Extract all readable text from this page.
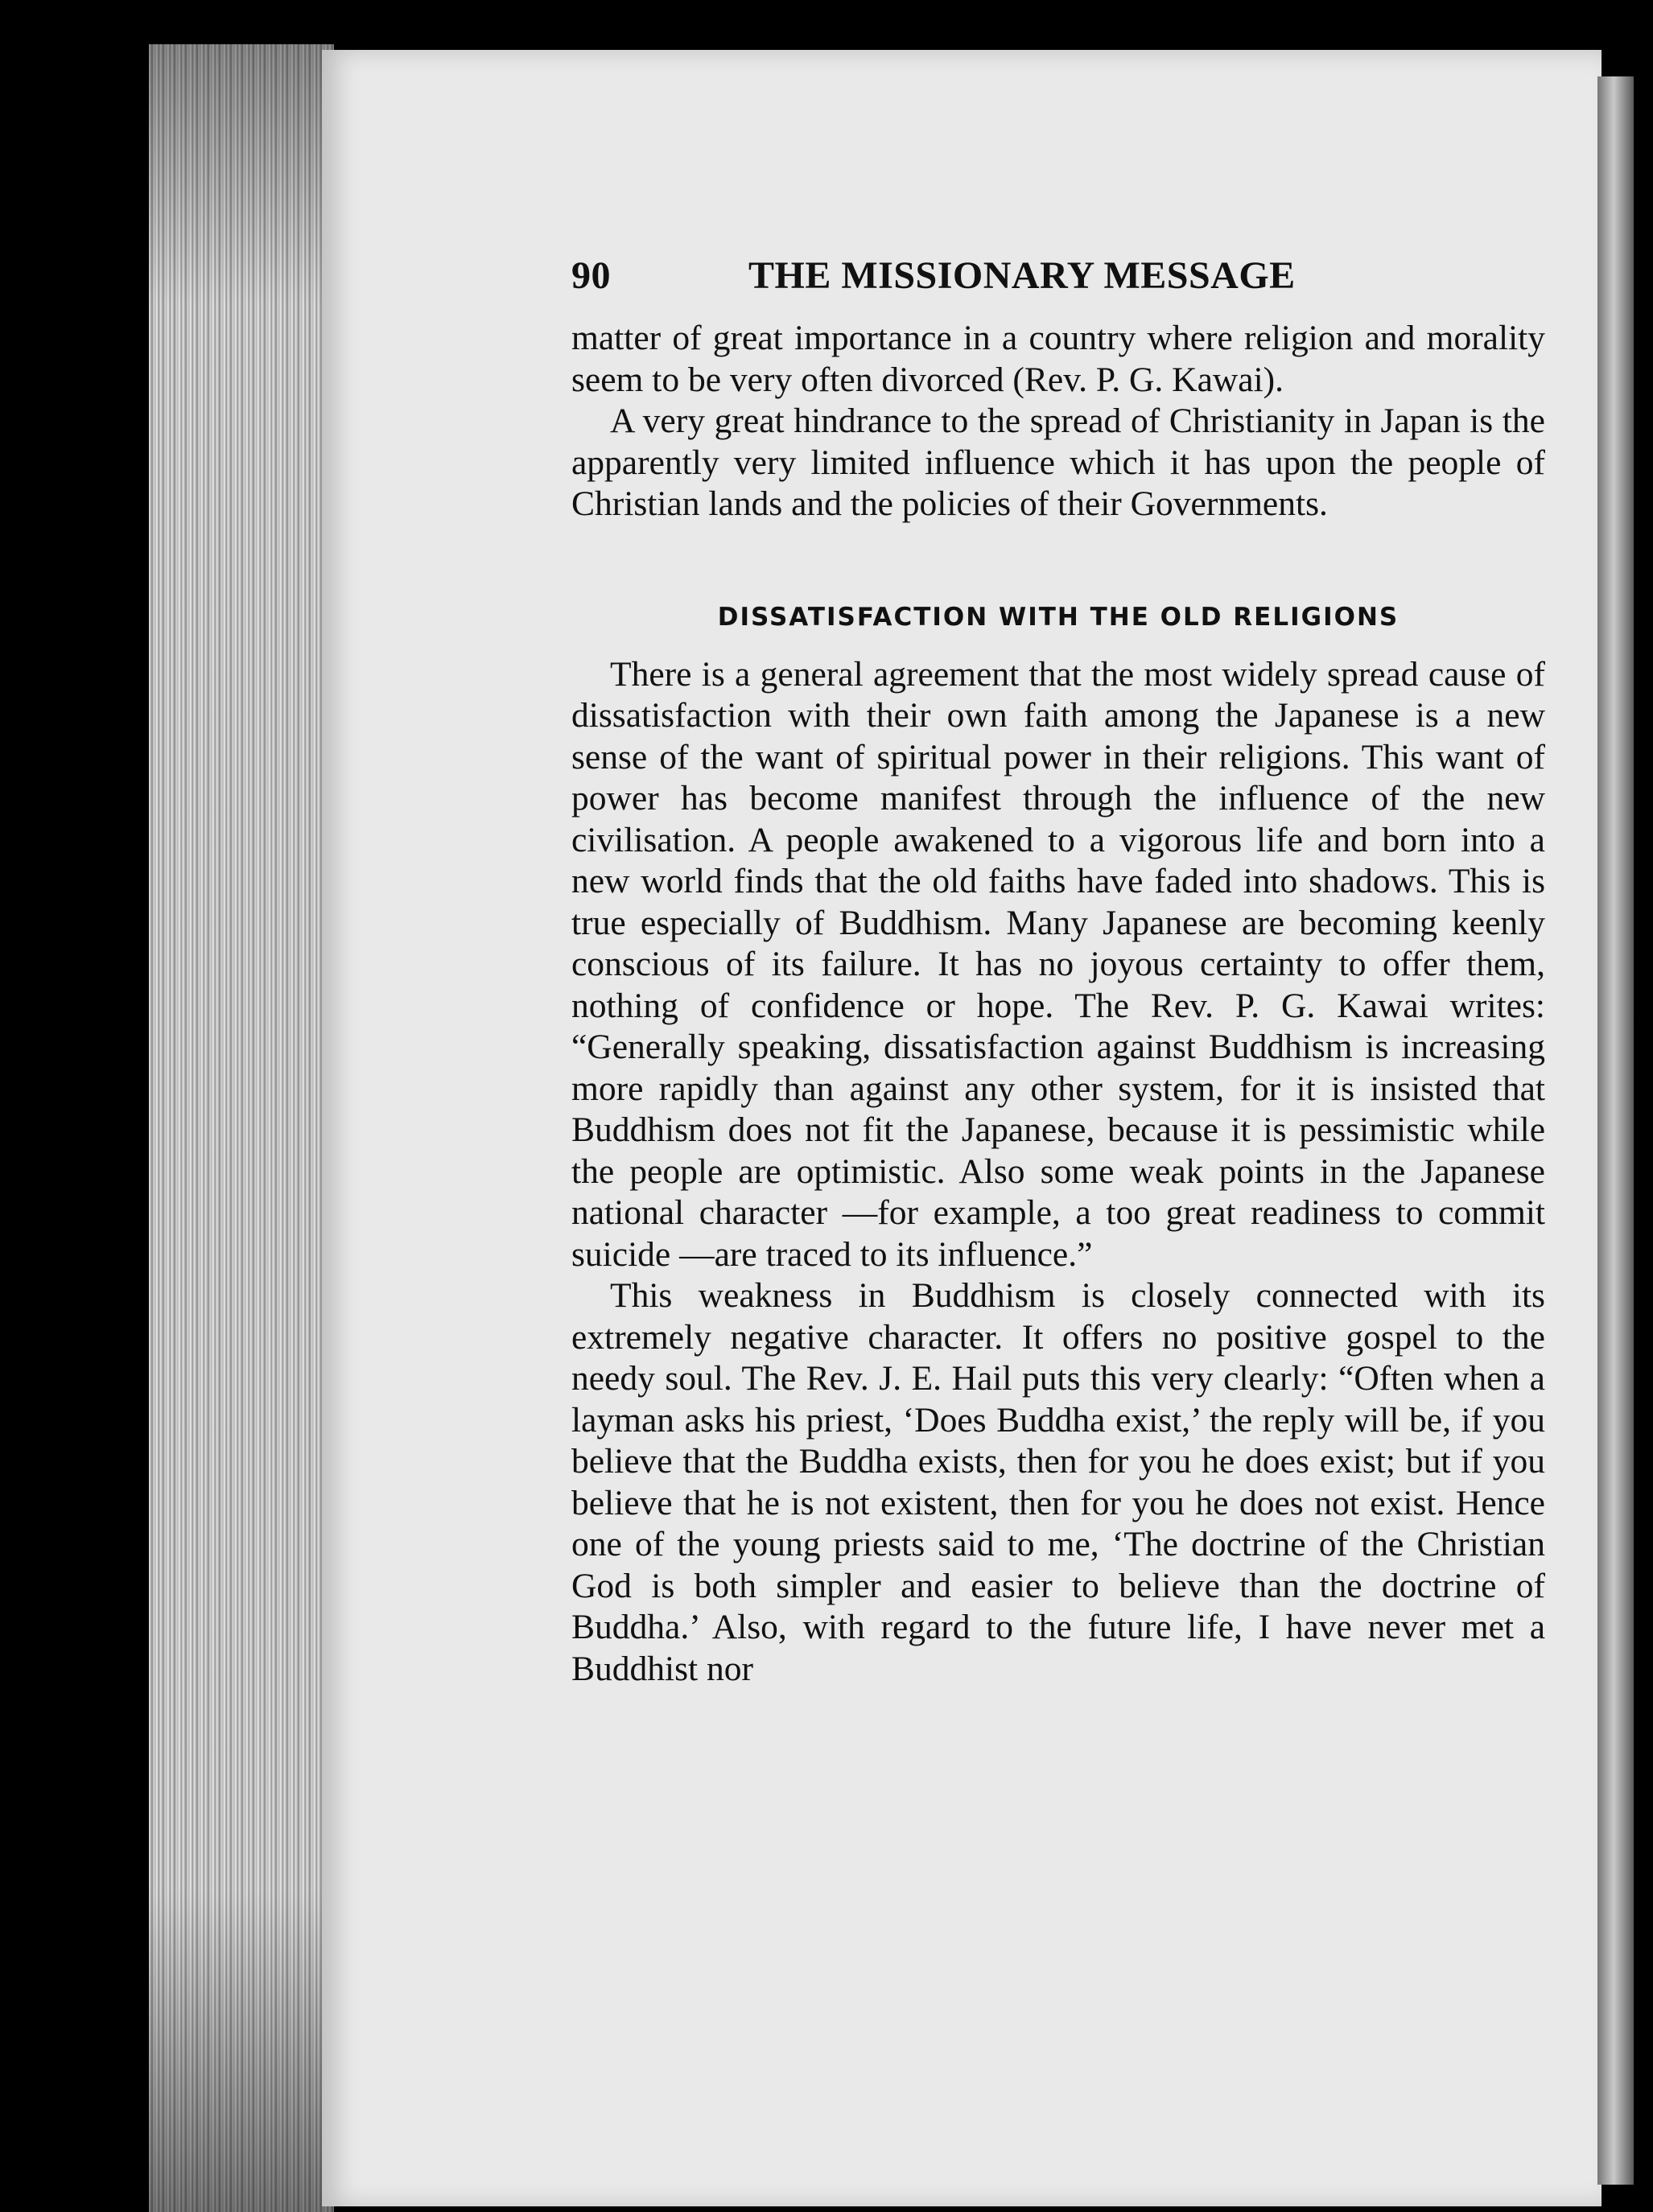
90	THE MISSIONARY MESSAGE

matter of great importance in a country where religion and morality seem to be very often divorced (Rev. P. G. Kawai).

A very great hindrance to the spread of Christianity in Japan is the apparently very limited influence which it has upon the people of Christian lands and the policies of their Governments.

DISSATISFACTION WITH THE OLD RELIGIONS

There is a general agreement that the most widely spread cause of dissatisfaction with their own faith among the Japanese is a new sense of the want of spiritual power in their religions. This want of power has become manifest through the influence of the new civilisation. A people awakened to a vigorous life and born into a new world finds that the old faiths have faded into shadows. This is true especially of Buddhism. Many Japanese are becoming keenly conscious of its failure. It has no joyous certainty to offer them, nothing of confidence or hope. The Rev. P. G. Kawai writes: “Generally speaking, dissatisfaction against Buddhism is increasing more rapidly than against any other system, for it is insisted that Buddhism does not fit the Japanese, because it is pessimistic while the people are optimistic. Also some weak points in the Japanese national character —for example, a too great readiness to commit suicide —are traced to its influence.”

This weakness in Buddhism is closely connected with its extremely negative character. It offers no positive gospel to the needy soul. The Rev. J. E. Hail puts this very clearly: “Often when a layman asks his priest, ‘Does Buddha exist,’ the reply will be, if you believe that the Buddha exists, then for you he does exist; but if you believe that he is not existent, then for you he does not exist. Hence one of the young priests said to me, ‘The doctrine of the Christian God is both simpler and easier to believe than the doctrine of Buddha.’ Also, with regard to the future life, I have never met a Buddhist nor
